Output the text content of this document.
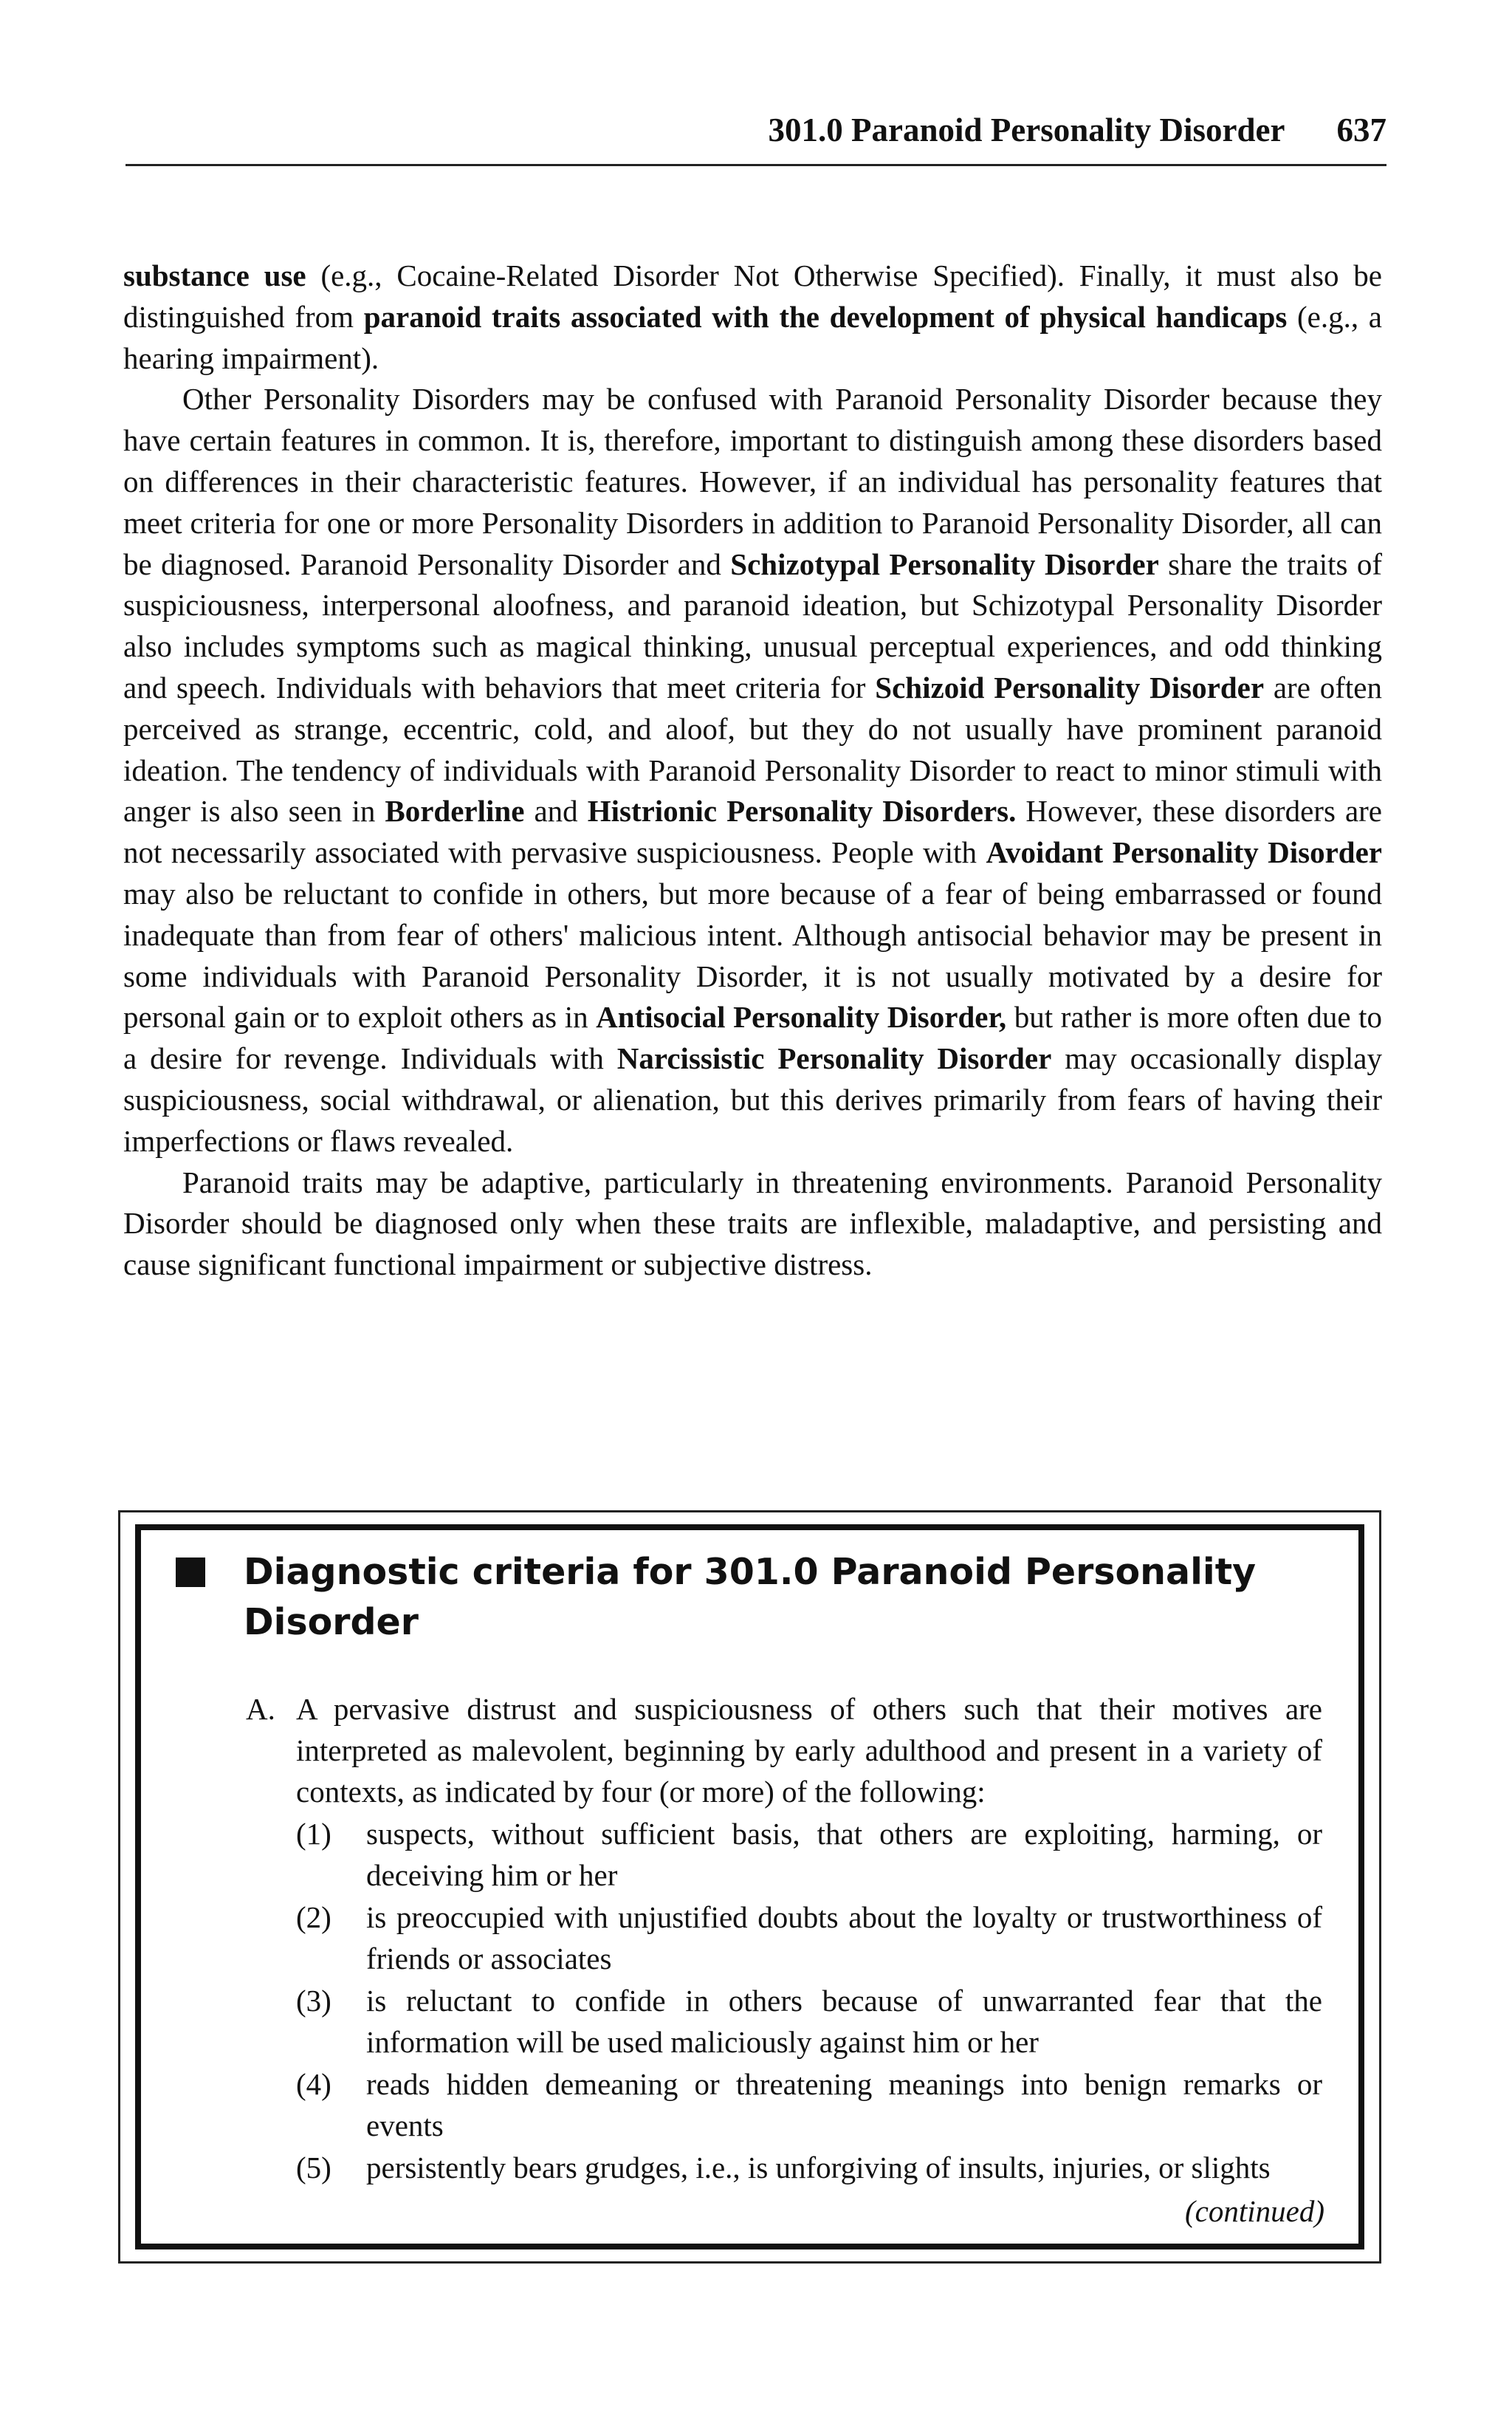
301.0 Paranoid Personality Disorder 637

substance use (e.g., Cocaine-Related Disorder Not Otherwise Specified). Finally, it must also be distinguished from paranoid traits associated with the development of physical handicaps (e.g., a hearing impairment).

Other Personality Disorders may be confused with Paranoid Personality Disorder because they have certain features in common. It is, therefore, important to distinguish among these disorders based on differences in their characteristic features. However, if an individual has personality features that meet criteria for one or more Personality Disorders in addition to Paranoid Personality Disorder, all can be diagnosed. Paranoid Personality Disorder and Schizotypal Personality Disorder share the traits of suspiciousness, interpersonal aloofness, and paranoid ideation, but Schizotypal Personality Disorder also includes symptoms such as magical thinking, unusual perceptual experiences, and odd thinking and speech. Individuals with behaviors that meet criteria for Schizoid Personality Disorder are often perceived as strange, eccentric, cold, and aloof, but they do not usually have prominent paranoid ideation. The tendency of individuals with Paranoid Personality Disorder to react to minor stimuli with anger is also seen in Borderline and Histrionic Personality Disorders. However, these disorders are not necessarily associated with pervasive suspiciousness. People with Avoidant Personality Disorder may also be reluctant to confide in others, but more because of a fear of being embarrassed or found inadequate than from fear of others' malicious intent. Although antisocial behavior may be present in some individuals with Paranoid Personality Disorder, it is not usually motivated by a desire for personal gain or to exploit others as in Antisocial Personality Disorder, but rather is more often due to a desire for revenge. Individuals with Narcissistic Personality Disorder may occasionally display suspiciousness, social withdrawal, or alienation, but this derives primarily from fears of having their imperfections or flaws revealed.

Paranoid traits may be adaptive, particularly in threatening environments. Paranoid Personality Disorder should be diagnosed only when these traits are inflexible, maladaptive, and persisting and cause significant functional impairment or subjective distress.

Diagnostic criteria for 301.0 Paranoid Personality Disorder
A. A pervasive distrust and suspiciousness of others such that their motives are interpreted as malevolent, beginning by early adulthood and present in a variety of contexts, as indicated by four (or more) of the following:
(1)	suspects, without sufficient basis, that others are exploiting, harming, or deceiving him or her
(2)	is preoccupied with unjustified doubts about the loyalty or trustworthiness of friends or associates
(3)	is reluctant to confide in others because of unwarranted fear that the information will be used maliciously against him or her
(4)	reads hidden demeaning or threatening meanings into benign remarks or events
(5)	persistently bears grudges, i.e., is unforgiving of insults, injuries, or slights
(continued)
